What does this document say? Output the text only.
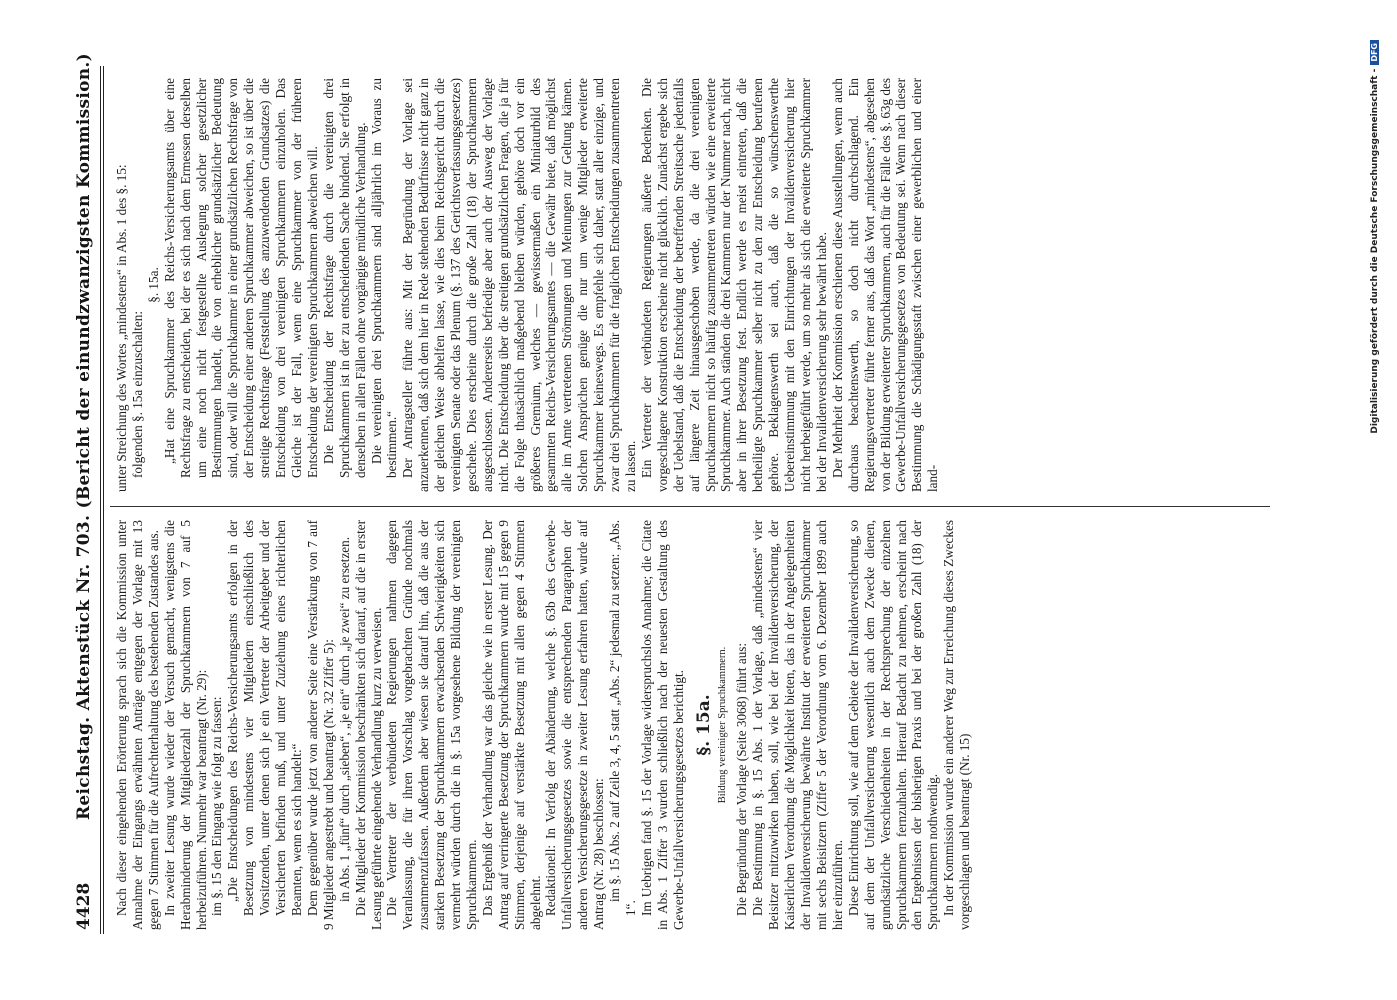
4428
Reichstag. Aktenstück Nr. 703. (Bericht der einundzwanzigsten Kommission.) Nach dieser eingehenden Erörterung sprach sich die Kommission unter Annahme der Eingangs erwähnten Anträge entgegen der Vorlage mit 13 gegen 7 Stimmen für die Aufrechterhaltung des bestehenden Zustandes aus. In zweiter Lesung wurde wieder der Versuch gemacht, wenigstens die Herabminderung der Mitgliederzahl der Spruchkammern von 7 auf 5 herbeizuführen. Nunmehr war beantragt (Nr. 29): im §. 15 den Eingang wie folgt zu fassen: „Die Entscheidungen des Reichs-Versicherungsamts erfolgen in der Besetzung von mindestens vier Mitgliedern einschließlich des Vorsitzenden, unter denen sich je ein Vertreter der Arbeitgeber und der Versicherten befinden muß, und unter Zuziehung eines richterlichen Beamten, wenn es sich handelt:“ Dem gegenüber wurde jetzt von anderer Seite eine Verstärkung von 7 auf 9 Mitglieder angestrebt und beantragt (Nr. 32 Ziffer 5): in Abs. 1 „fünf“ durch „sieben“, „je ein“ durch „je zwei“ zu ersetzen. Die Mitglieder der Kommission beschränkten sich darauf, auf die in erster Lesung geführte eingehende Verhandlung kurz zu verweisen. Die Vertreter der verbündeten Regierungen nahmen dagegen Veranlassung, die für ihren Vorschlag vorgebrachten Gründe nochmals zusammenzufassen. Außerdem aber wiesen sie darauf hin, daß die aus der starken Besetzung der Spruchkammern erwachsenden Schwierigkeiten sich vermehrt würden durch die in §. 15a vorgesehene Bildung der vereinigten Spruchkammern. Das Ergebniß der Verhandlung war das gleiche wie in erster Lesung. Der Antrag auf verringerte Besetzung der Spruchkammern wurde mit 15 gegen 9 Stimmen, derjenige auf verstärkte Besetzung mit allen gegen 4 Stimmen abgelehnt. Redaktionell: In Verfolg der Abänderung, welche §. 63b des Gewerbe-Unfallversicherungsgesetzes sowie die entsprechenden Paragraphen der anderen Versicherungsgesetze in zweiter Lesung erfahren hatten, wurde auf Antrag (Nr. 28) beschlossen: im §. 15 Abs. 2 auf Zeile 3, 4, 5 statt „Abs. 2“ jedesmal zu setzen: „Abs. 1“. Im Uebrigen fand §. 15 der Vorlage widerspruchslos Annahme; die Citate in Abs. 1 Ziffer 3 wurden schließlich nach der neuesten Gestaltung des Gewerbe-Unfallversicherungsgesetzes berichtigt. §. 15a. Bildung vereinigter Spruchkammern. Die Begründung der Vorlage (Seite 3068) führt aus: Die Bestimmung in §. 15 Abs. 1 der Vorlage, daß „mindestens“ vier Beisitzer mitzuwirken haben, soll, wie bei der Invalidenversicherung, der Kaiserlichen Verordnung die Möglichkeit bieten, das in der Angelegenheiten der Invalidenversicherung bewährte Institut der erweiterten Spruchkammer mit sechs Beisitzern (Ziffer 5 der Verordnung vom 6. Dezember 1899 auch hier einzuführen. Diese Einrichtung soll, wie auf dem Gebiete der Invalidenversicherung, so auf dem der Unfallversicherung wesentlich auch dem Zwecke dienen, grundsätzliche Verschiedenheiten in der Rechtsprechung der einzelnen Spruchkammern fernzuhalten. Hierauf Bedacht zu nehmen, erscheint nach den Ergebnissen der bisherigen Praxis und bei der großen Zahl (18) der Spruchkammern nothwendig. In der Kommission wurde ein anderer Weg zur Erreichung dieses Zweckes vorgeschlagen und beantragt (Nr. 15)

unter Streichung des Wortes „mindestens“ in Abs. 1 des §. 15: folgenden §. 15a einzuschalten:

§. 15a. „Hat eine Spruchkammer des Reichs-Versicherungsamts über eine Rechtsfrage zu entscheiden, bei der es sich nach dem Ermessen derselben um eine noch nicht festgestellte Auslegung solcher gesetzlicher Bestimmungen handelt, die von erheblicher grundsätzlicher Bedeutung sind, oder will die Spruchkammer in einer grundsätzlichen Rechtsfrage von der Entscheidung einer anderen Spruchkammer abweichen, so ist über die streitige Rechtsfrage (Feststellung des anzuwendenden Grundsatzes) die Entscheidung von drei vereinigten Spruchkammern einzuholen. Das Gleiche ist der Fall, wenn eine Spruchkammer von der früheren Entscheidung der vereinigten Spruchkammern abweichen will. Die Entscheidung der Rechtsfrage durch die vereinigten drei Spruchkammern ist in der zu entscheidenden Sache bindend. Sie erfolgt in denselben in allen Fällen ohne vorgängige mündliche Verhandlung. Die vereinigten drei Spruchkammern sind alljährlich im Voraus zu bestimmen.“ Der Antragsteller führte aus: Mit der Begründung der Vorlage sei anzuerkennen, daß sich dem hier in Rede stehenden Bedürfnisse nicht ganz in der gleichen Weise abhelfen lasse, wie dies beim Reichsgericht durch die vereinigten Senate oder das Plenum (§. 137 des Gerichtsverfassungsgesetzes) geschehe. Dies erscheine durch die große Zahl (18) der Spruchkammern ausgeschlossen. Andererseits befriedige aber auch der Ausweg der Vorlage nicht. Die Entscheidung über die streitigen grundsätzlichen Fragen, die ja für die Folge thatsächlich maßgebend bleiben würden, gehöre doch vor ein größeres Gremium, welches — gewissermaßen ein Miniaturbild des gesammten Reichs-Versicherungsamtes — die Gewähr biete, daß möglichst alle im Amte vertretenen Strömungen und Meinungen zur Geltung kämen. Solchen Ansprüchen genüge die nur um wenige Mitglieder erweiterte Spruchkammer keineswegs. Es empfehle sich daher, statt aller einzige, und zwar drei Spruchkammern für die fraglichen Entscheidungen zusammentreten zu lassen. Ein Vertreter der verbündeten Regierungen äußerte Bedenken. Die vorgeschlagene Konstruktion erscheine nicht glücklich. Zunächst ergebe sich der Uebelstand, daß die Entscheidung der betreffenden Streitsache jedenfalls auf längere Zeit hinausgeschoben werde, da die drei vereinigten Spruchkammern nicht so häufig zusammentreten würden wie eine erweiterte Spruchkammer. Auch ständen die drei Kammern nur der Nummer nach, nicht aber in ihrer Besetzung fest. Endlich werde es meist eintreten, daß die betheiligte Spruchkammer selber nicht zu den zur Entscheidung berufenen gehöre. Beklagenswerth sei auch, daß die so wünschenswerthe Uebereinstimmung mit den Einrichtungen der Invalidenversicherung hier nicht herbeigeführt werde, um so mehr als sich die erweiterte Spruchkammer bei der Invalidenversicherung sehr bewährt habe. Der Mehrheit der Kommission erschienen diese Ausstellungen, wenn auch durchaus beachtenswerth, so doch nicht durchschlagend. Ein Regierungsvertreter führte ferner aus, daß das Wort „mindestens“, abgesehen von der Bildung erweiterter Spruchkammern, auch für die Fälle des §. 63g des Gewerbe-Unfallversicherungsgesetzes von Bedeutung sei. Wenn nach dieser Bestimmung die Schädigungsstaft zwischen einer gewerblichen und einer land-

Digitalisierung gefördert durch die Deutsche Forschungsgemeinschaft -DFG
